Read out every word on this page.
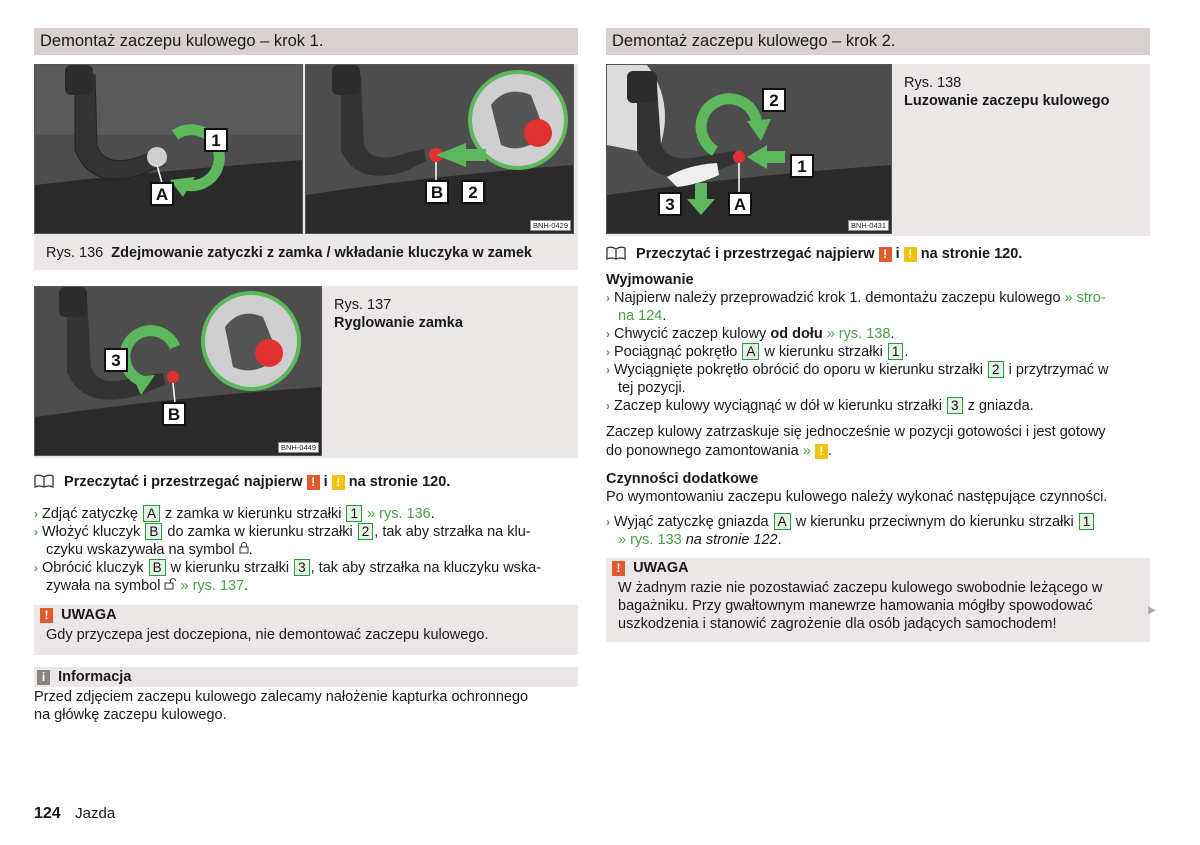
Demontaż zaczepu kulowego – krok 1.
1
A	B 2
BNH-0429
Rys. 136 Zdejmowanie zatyczki z zamka / wkładanie kluczyka w zamek
3
B
BNH-0449
Rys. 137
Ryglowanie zamka
Przeczytać i przestrzegać najpierw ! i ! na stronie 120.

› Zdjąć zatyczkę A z zamka w kierunku strzałki 1 » rys. 136.

› Włożyć kluczyk B do zamka w kierunku strzałki 2 , tak aby strzałka na klu-
czyku wskazywała na symbol .

› Obrócić kluczyk B w kierunku strzałki 3 , tak aby strzałka na kluczyku wska-
zywała na symbol » rys. 137.

! UWAGA
Gdy przyczepa jest doczepiona, nie demontować zaczepu kulowego.
i Informacja
Przed zdjęciem zaczepu kulowego zalecamy nałożenie kapturka ochronnego
na główkę zaczepu kulowego.
Demontaż zaczepu kulowego – krok 2.
2
1
3	A
BNH-0431
Rys. 138
Luzowanie zaczepu kulowego
Przeczytać i przestrzegać najpierw ! i ! na stronie 120.
Wyjmowanie

› Najpierw należy przeprowadzić krok 1. demontażu zaczepu kulowego » stro-
na 124.

› Chwycić zaczep kulowy od dołu » rys. 138.

› Pociągnąć pokrętło A w kierunku strzałki 1 .

› Wyciągnięte pokrętło obrócić do oporu w kierunku strzałki 2 i przytrzymać w
tej pozycji.

› Zaczep kulowy wyciągnąć w dół w kierunku strzałki 3 z gniazda.

Zaczep kulowy zatrzaskuje się jednocześnie w pozycji gotowości i jest gotowy
do ponownego zamontowania » ! .
Czynności dodatkowe
Po wymontowaniu zaczepu kulowego należy wykonać następujące czynności.

› Wyjąć zatyczkę gniazda A w kierunku przeciwnym do kierunku strzałki 1
» rys. 133 na stronie 122.

! UWAGA
W żadnym razie nie pozostawiać zaczepu kulowego swobodnie leżącego w
bagażniku. Przy gwałtownym manewrze hamowania mógłby spowodować
uszkodzenia i stanowić zagrożenie dla osób jadących samochodem!
▶
124 Jazda
